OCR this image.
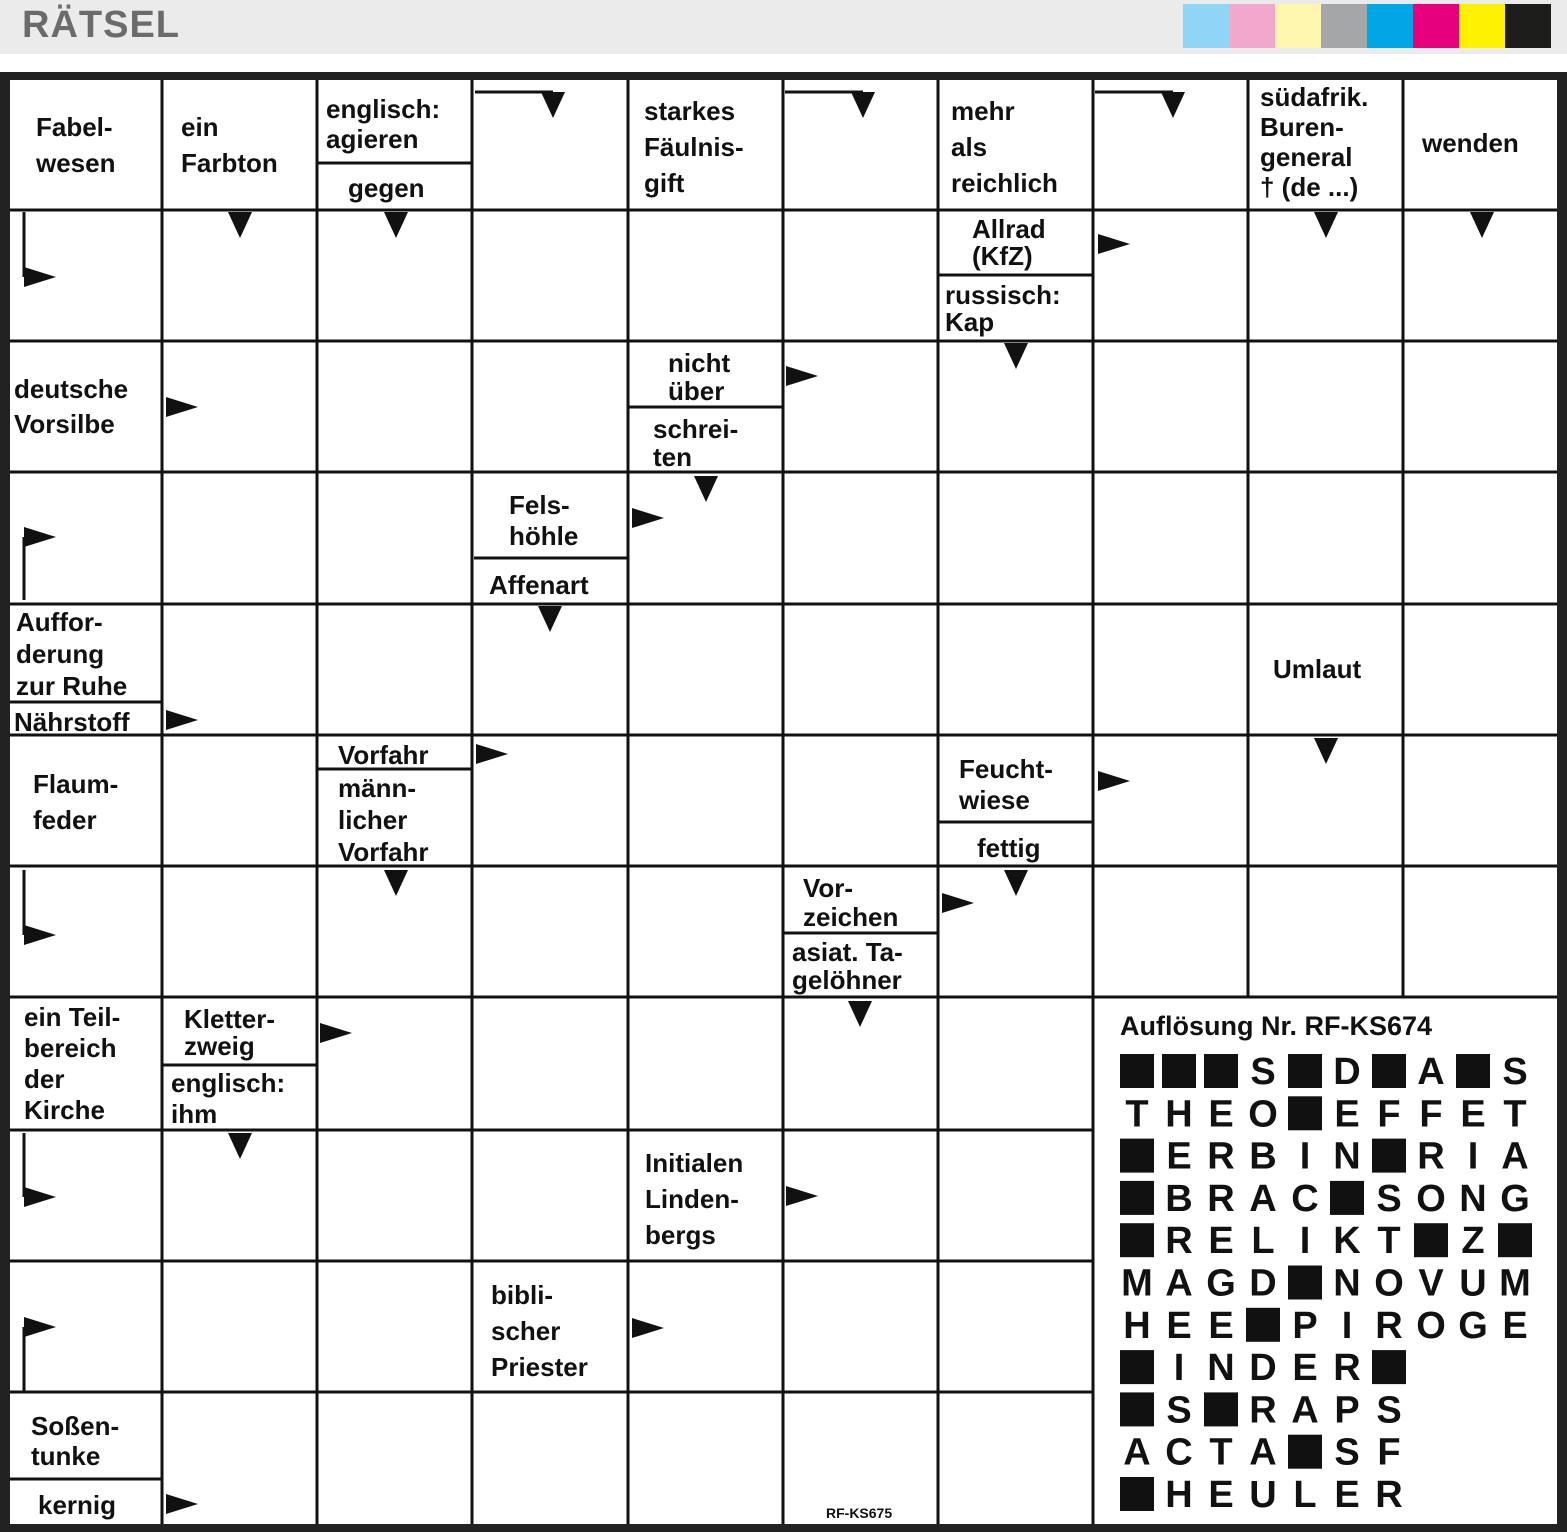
RÄTSEL
Fabel-wesen
ein Farbton
englisch: agieren
gegen
starkes Fäulnis-gift
mehr als reichlich
südafrik. Buren-general † (de ...)
wenden
Allrad (KfZ)
russisch: Kap
deutsche Vorsilbe
nicht über
schrei-ten
Fels-höhle
Affenart
Auffor-derung zur Ruhe
Nährstoff
Umlaut
Flaum-feder
Vorfahr
männ-licher Vorfahr
Feucht-wiese
fettig
Vor-zeichen
asiat. Ta-gelöhner
ein Teil-bereich der Kirche
Kletter-zweig
englisch: ihm
Initialen Linden-bergs
bibli-scher Priester
Soßen-tunke
kernig
Auflösung Nr. RF-KS674
S D A S
T H E O E F F E T
E R B I N R I A
B R A C S O N G
R E L I K T Z
M A G D N O V U M
H E E P I R O G E
I N D E R
S R A P S
A C T A S F
H E U L E R
RF-KS675
